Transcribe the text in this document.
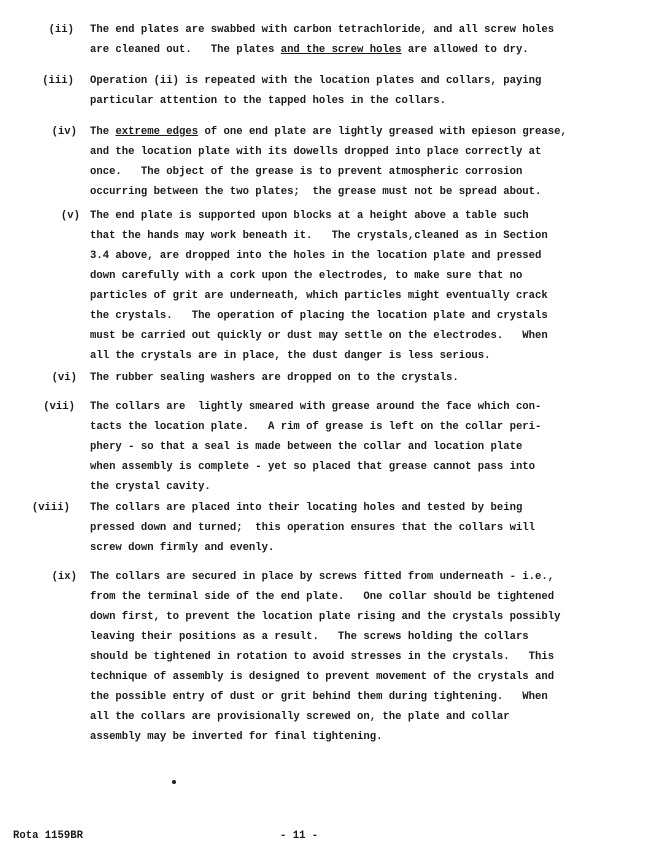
(ii) The end plates are swabbed with carbon tetrachloride, and all screw holes
are cleaned out.   The plates and the screw holes are allowed to dry.
(iii) Operation (ii) is repeated with the location plates and collars, paying
particular attention to the tapped holes in the collars.
(iv) The extreme edges of one end plate are lightly greased with epieson grease,
and the location plate with its dowells dropped into place correctly at
once.   The object of the grease is to prevent atmospheric corrosion
occurring between the two plates;  the grease must not be spread about.
(v) The end plate is supported upon blocks at a height above a table such
that the hands may work beneath it.   The crystals,cleaned as in Section
3.4 above, are dropped into the holes in the location plate and pressed
down carefully with a cork upon the electrodes, to make sure that no
particles of grit are underneath, which particles might eventually crack
the crystals.   The operation of placing the location plate and crystals
must be carried out quickly or dust may settle on the electrodes.   When
all the crystals are in place, the dust danger is less serious.
(vi) The rubber sealing washers are dropped on to the crystals.
(vii) The collars are  lightly smeared with grease around the face which con-
tacts the location plate.   A rim of grease is left on the collar peri-
phery - so that a seal is made between the collar and location plate
when assembly is complete - yet so placed that grease cannot pass into
the crystal cavity.
(viii) The collars are placed into their locating holes and tested by being
pressed down and turned;  this operation ensures that the collars will
screw down firmly and evenly.
(ix) The collars are secured in place by screws fitted from underneath - i.e.,
from the terminal side of the end plate.   One collar should be tightened
down first, to prevent the location plate rising and the crystals possibly
leaving their positions as a result.   The screws holding the collars
should be tightened in rotation to avoid stresses in the crystals.   This
technique of assembly is designed to prevent movement of the crystals and
the possible entry of dust or grit behind them during tightening.   When
all the collars are provisionally screwed on, the plate and collar
assembly may be inverted for final tightening.
Rota 1159BR	- 11 -
